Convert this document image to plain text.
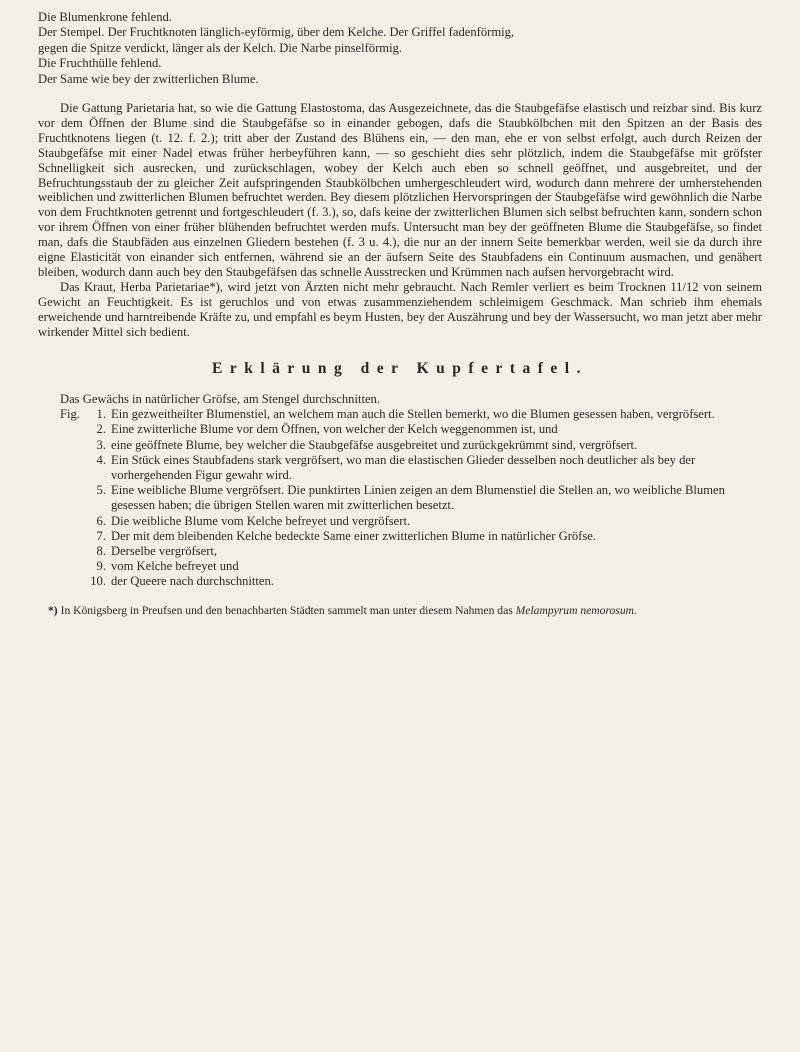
Die Blumenkrone fehlend.

Der Stempel. Der Fruchtknoten länglich-eyförmig, über dem Kelche. Der Griffel fadenförmig,

gegen die Spitze verdickt, länger als der Kelch. Die Narbe pinselförmig.

Die Fruchthülle fehlend.

Der Same wie bey der zwitterlichen Blume.

Die Gattung Parietaria hat, so wie die Gattung Elastostoma, das Ausgezeichnete, das die Staubgefäfse elastisch und reizbar sind. Bis kurz vor dem Öffnen der Blume sind die Staubgefäfse so in einander gebogen, dafs die Staubkölbchen mit den Spitzen an der Basis des Fruchtknotens liegen (t. 12. f. 2.); tritt aber der Zustand des Blühens ein, — den man, ehe er von selbst erfolgt, auch durch Reizen der Staubgefäfse mit einer Nadel etwas früher herbeyführen kann, — so geschieht dies sehr plötzlich, indem die Staubgefäfse mit gröfster Schnelligkeit sich ausrecken, und zurückschlagen, wobey der Kelch auch eben so schnell geöffnet, und ausgebreitet, und der Befruchtungsstaub der zu gleicher Zeit aufspringenden Staubkölbchen umhergeschleudert wird, wodurch dann mehrere der umherstehenden weiblichen und zwitterlichen Blumen befruchtet werden. Bey diesem plötzlichen Hervorspringen der Staubgefäfse wird gewöhnlich die Narbe von dem Fruchtknoten getrennt und fortgeschleudert (f. 3.), so, dafs keine der zwitterlichen Blumen sich selbst befruchten kann, sondern schon vor ihrem Öffnen von einer früher blühenden befruchtet werden mufs. Untersucht man bey der geöffneten Blume die Staubgefäfse, so findet man, dafs die Staubfäden aus einzelnen Gliedern bestehen (f. 3 u. 4.), die nur an der innern Seite bemerkbar werden, weil sie da durch ihre eigne Elasticität von einander sich entfernen, während sie an der äufsern Seite des Staubfadens ein Continuum ausmachen, und genähert bleiben, wodurch dann auch bey den Staubgefäfsen das schnelle Ausstrecken und Krümmen nach aufsen hervorgebracht wird.

Das Kraut, Herba Parietariae*), wird jetzt von Ärzten nicht mehr gebraucht. Nach Remler verliert es beim Trocknen 11/12 von seinem Gewicht an Feuchtigkeit. Es ist geruchlos und von etwas zusammenziehendem schleimigem Geschmack. Man schrieb ihm ehemals erweichende und harntreibende Kräfte zu, und empfahl es beym Husten, bey der Auszährung und bey der Wassersucht, wo man jetzt aber mehr wirkender Mittel sich bedient.

Erklärung der Kupfertafel.

Das Gewächs in natürlicher Gröfse, am Stengel durchschnitten.

Fig.	1. Ein gezweitheilter Blumenstiel, an welchem man auch die Stellen bemerkt, wo die Blumen gesessen haben, vergröfsert.
2. Eine zwitterliche Blume vor dem Öffnen, von welcher der Kelch weggenommen ist, und
3. eine geöffnete Blume, bey welcher die Staubgefäfse ausgebreitet und zurückgekrümmt sind, vergröfsert.
4. Ein Stück eines Staubfadens stark vergröfsert, wo man die elastischen Glieder desselben noch deutlicher als bey der vorhergehenden Figur gewahr wird.
5. Eine weibliche Blume vergröfsert. Die punktirten Linien zeigen an dem Blumenstiel die Stellen an, wo weibliche Blumen gesessen haben; die übrigen Stellen waren mit zwitterlichen besetzt.
6. Die weibliche Blume vom Kelche befreyet und vergröfsert.
7. Der mit dem bleibenden Kelche bedeckte Same einer zwitterlichen Blume in natürlicher Gröfse.
8. Derselbe vergröfsert,
9. vom Kelche befreyet und
10. der Queere nach durchschnitten.

*) In Königsberg in Preufsen und den benachbarten Städten sammelt man unter diesem Nahmen das Melampyrum nemorosum.
